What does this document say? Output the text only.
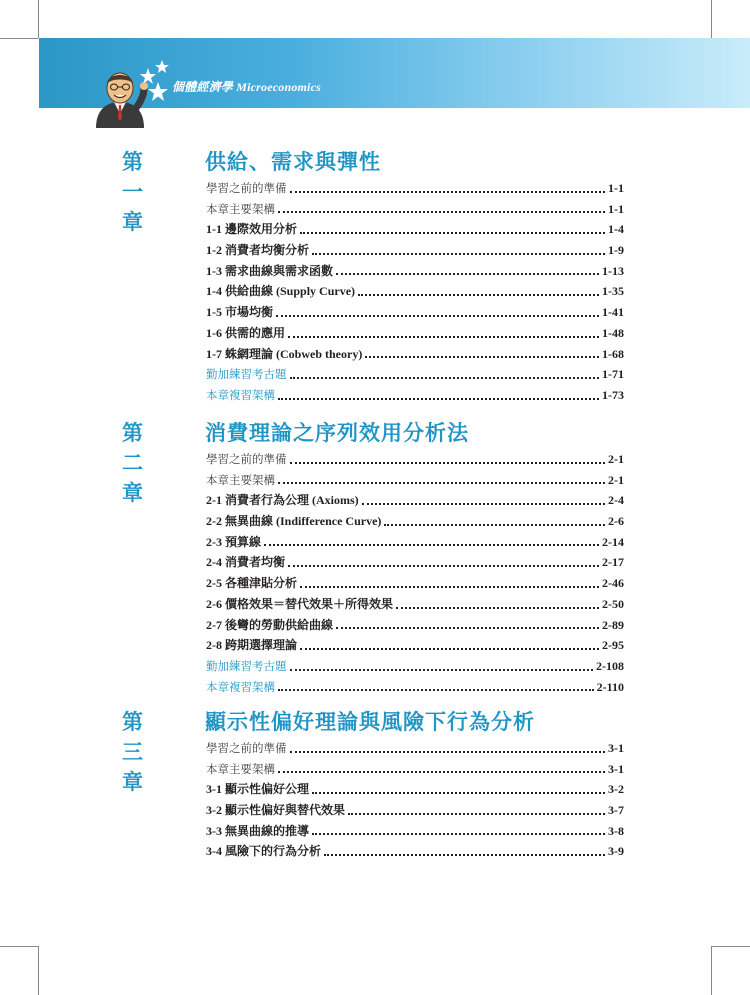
個體經濟學 Microeconomics
第一章
供給、需求與彈性
學習之前的準備	1-1
本章主要架構	1-1
1-1 邊際效用分析	1-4
1-2 消費者均衡分析	1-9
1-3 需求曲線與需求函數	1-13
1-4 供給曲線 (Supply Curve)	1-35
1-5 市場均衡	1-41
1-6 供需的應用	1-48
1-7 蛛網理論 (Cobweb theory)	1-68
勤加練習考古題	1-71
本章複習架構	1-73
第二章
消費理論之序列效用分析法
學習之前的準備	2-1
本章主要架構	2-1
2-1 消費者行為公理 (Axioms)	2-4
2-2 無異曲線 (Indifference Curve)	2-6
2-3 預算線	2-14
2-4 消費者均衡	2-17
2-5 各種津貼分析	2-46
2-6 價格效果＝替代效果＋所得效果	2-50
2-7 後彎的勞動供給曲線	2-89
2-8 跨期選擇理論	2-95
勤加練習考古題	2-108
本章複習架構	2-110
第三章
顯示性偏好理論與風險下行為分析
學習之前的準備	3-1
本章主要架構	3-1
3-1 顯示性偏好公理	3-2
3-2 顯示性偏好與替代效果	3-7
3-3 無異曲線的推導	3-8
3-4 風險下的行為分析	3-9
